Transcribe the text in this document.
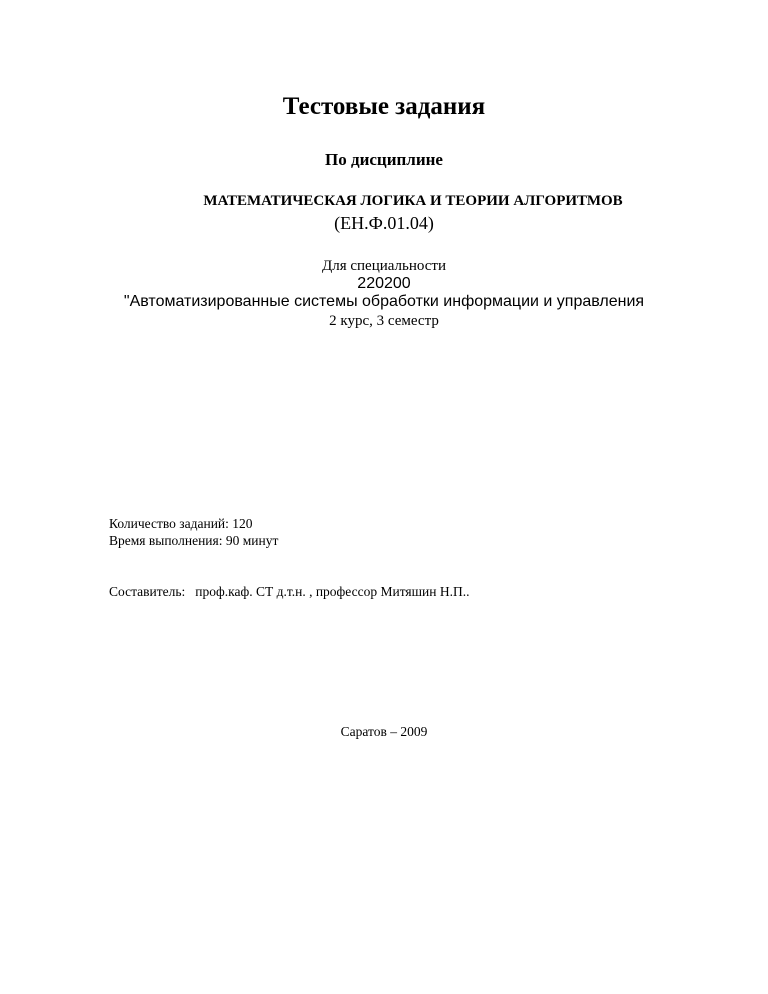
Тестовые задания
По дисциплине
МАТЕМАТИЧЕСКАЯ ЛОГИКА И ТЕОРИИ АЛГОРИТМОВ
(ЕН.Ф.01.04)
Для специальности
220200
"Автоматизированные системы обработки информации и управления
2 курс, 3 семестр
Количество заданий: 120
Время выполнения: 90 минут
Составитель: проф.каф. СТ д.т.н. , профессор Митяшин Н.П..
Саратов – 2009
